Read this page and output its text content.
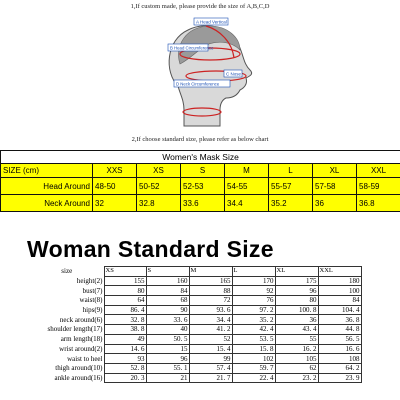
1,If custom made, please provide the size of A,B,C,D
A Head Vertical
B Head Circumference
C Nose
D Neck Circumference
2,If choose standard size, please refer as below chart
Women's Mask Size							
SIZE (cm)	XXS	XS	S	M	L	XL	XXL
Head Around	48-50	50-52	52-53	54-55	55-57	57-58	58-59
Neck Around	32	32.8	33.6	34.4	35.2	36	36.8
Woman Standard Size
size	XS	S	M	L	XL	XXL
height(2)	155	160	165	170	175	180
bust(7)	80	84	88	92	96	100
waist(8)	64	68	72	76	80	84
hips(9)	86. 4	90	93. 6	97. 2	100. 8	104. 4
neck around(6)	32. 8	33. 6	34. 4	35. 2	36	36. 8
shoulder length(17)	38. 8	40	41. 2	42. 4	43. 4	44. 8
arm length(18)	49	50. 5	52	53. 5	55	56. 5
wrist around(2)	14. 6	15	15. 4	15. 8	16. 2	16. 6
waist to heel	93	96	99	102	105	108
thigh around(10)	52. 8	55. 1	57. 4	59. 7	62	64. 2
ankle around(16)	20. 3	21	21. 7	22. 4	23. 2	23. 9
